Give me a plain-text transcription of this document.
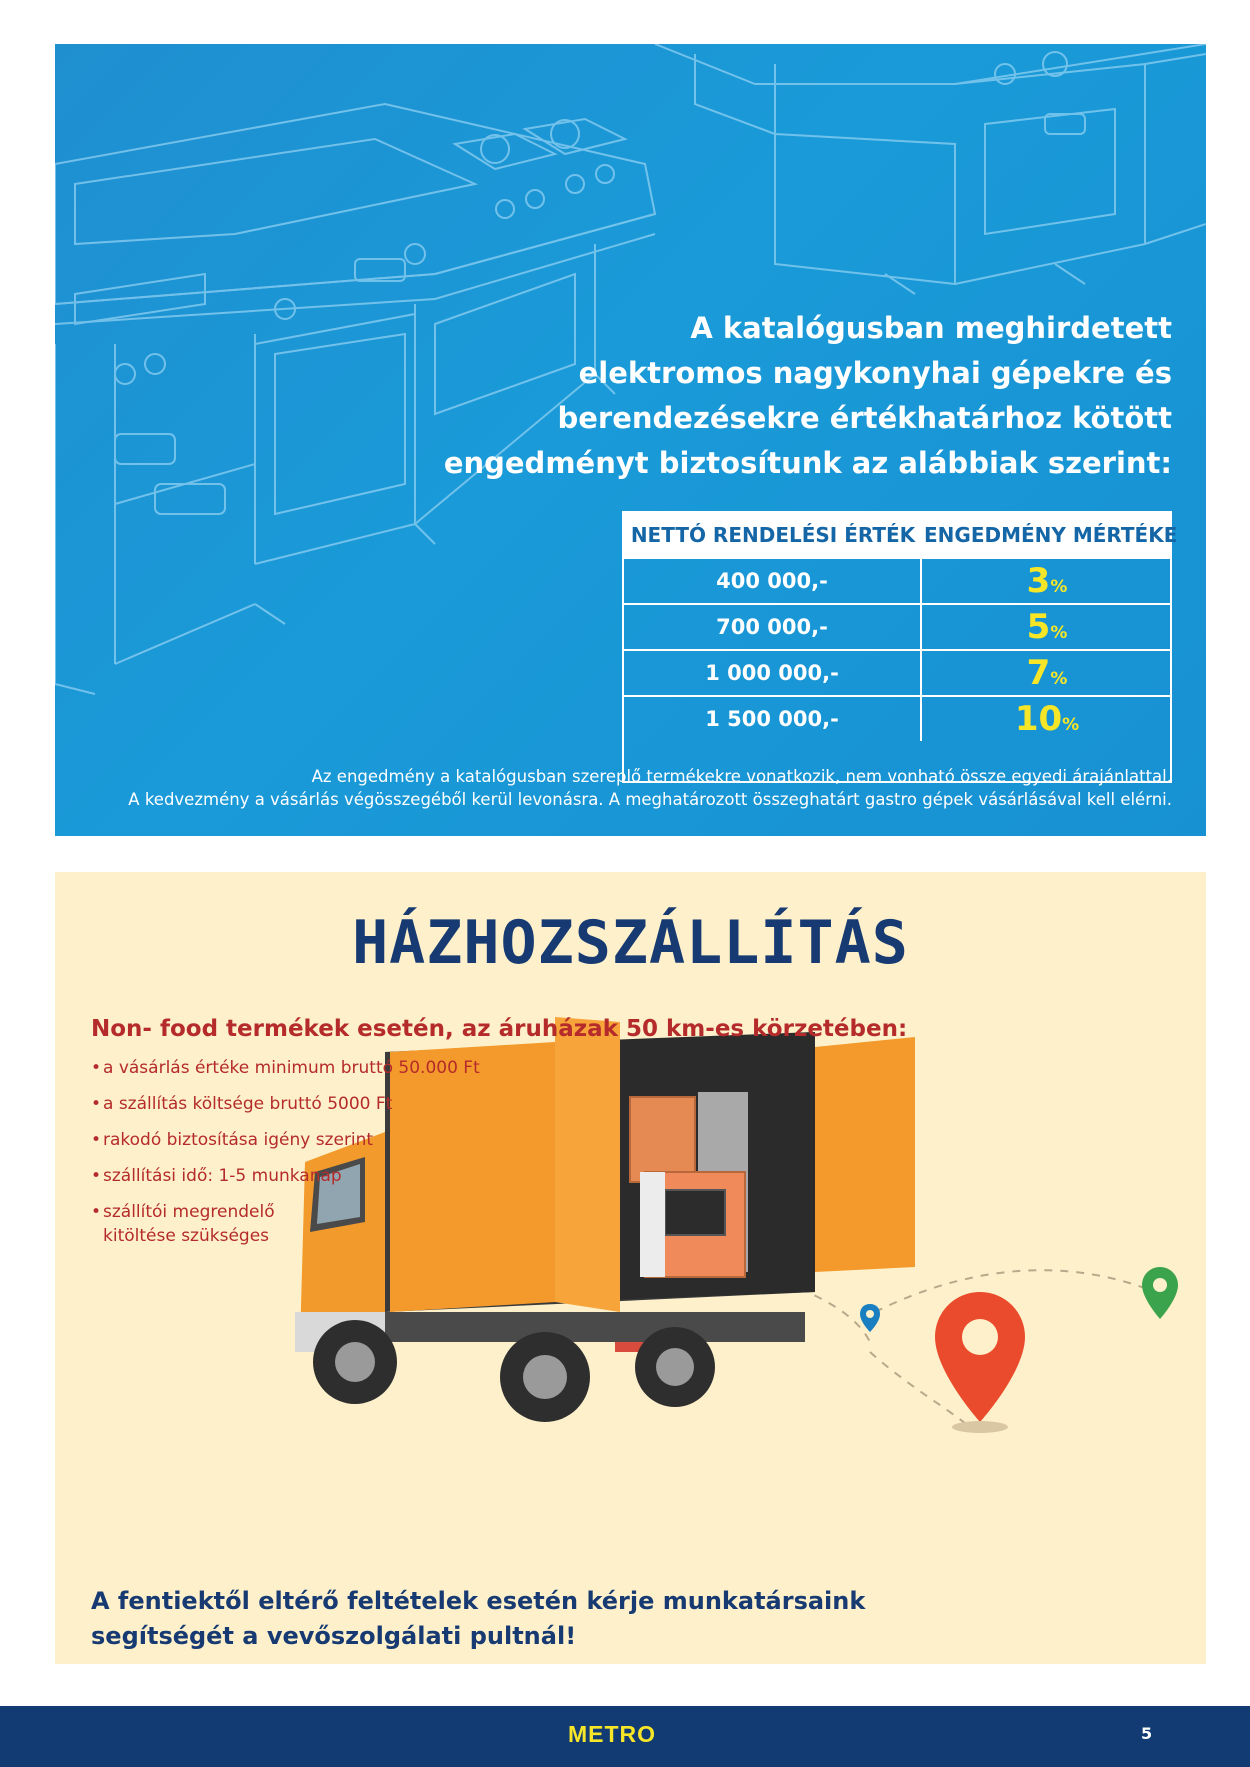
A katalógusban meghirdetett
elektromos nagykonyhai gépekre és
berendezésekre értékhatárhoz kötött
engedményt biztosítunk az alábbiak szerint:
NETTÓ RENDELÉSI ÉRTÉK ENGEDMÉNY MÉRTÉKE
400 000,-	3%
700 000,-	5%
1 000 000,-	7%
1 500 000,-	10%
Az engedmény a katalógusban szereplő termékekre vonatkozik, nem vonható össze egyedi árajánlattal.
A kedvezmény a vásárlás végösszegéből kerül levonásra. A meghatározott összeghatárt gastro gépek vásárlásával kell elérni.
HÁZHOZSZÁLLÍTÁS
Non- food termékek esetén, az áruházak 50 km-es körzetében:
• a vásárlás értéke minimum bruttó 50.000 Ft
• a szállítás költsége bruttó 5000 Ft
• rakodó biztosítása igény szerint
• szállítási idő: 1-5 munkanap
• szállítói megrendelő
kitöltése szükséges
A fentiektől eltérő feltételek esetén kérje munkatársaink
segítségét a vevőszolgálati pultnál!
METRO	5
